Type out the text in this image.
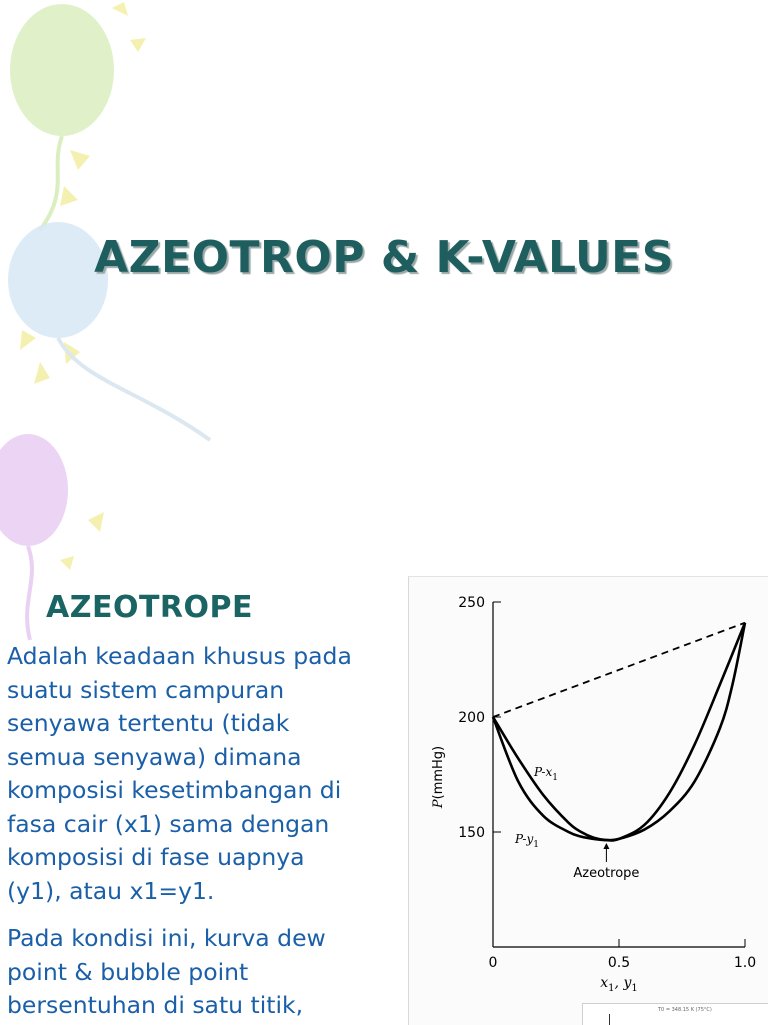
AZEOTROP & K-VALUES
AZEOTROPE
Adalah keadaan khusus pada
suatu sistem campuran
senyawa tertentu (tidak
semua senyawa) dimana
komposisi kesetimbangan di
fasa cair (x1) sama dengan
komposisi di fase uapnya
(y1), atau x1=y1.
Pada kondisi ini, kurva dew
point & bubble point
bersentuhan di satu titik,
150
200
250
0	0.5	1.0
P(mmHg)
$x_1$, $y_1$
$P-x_1$
$P-y_1$
Azeotrope
T0 = 348.15 K (75°C)
